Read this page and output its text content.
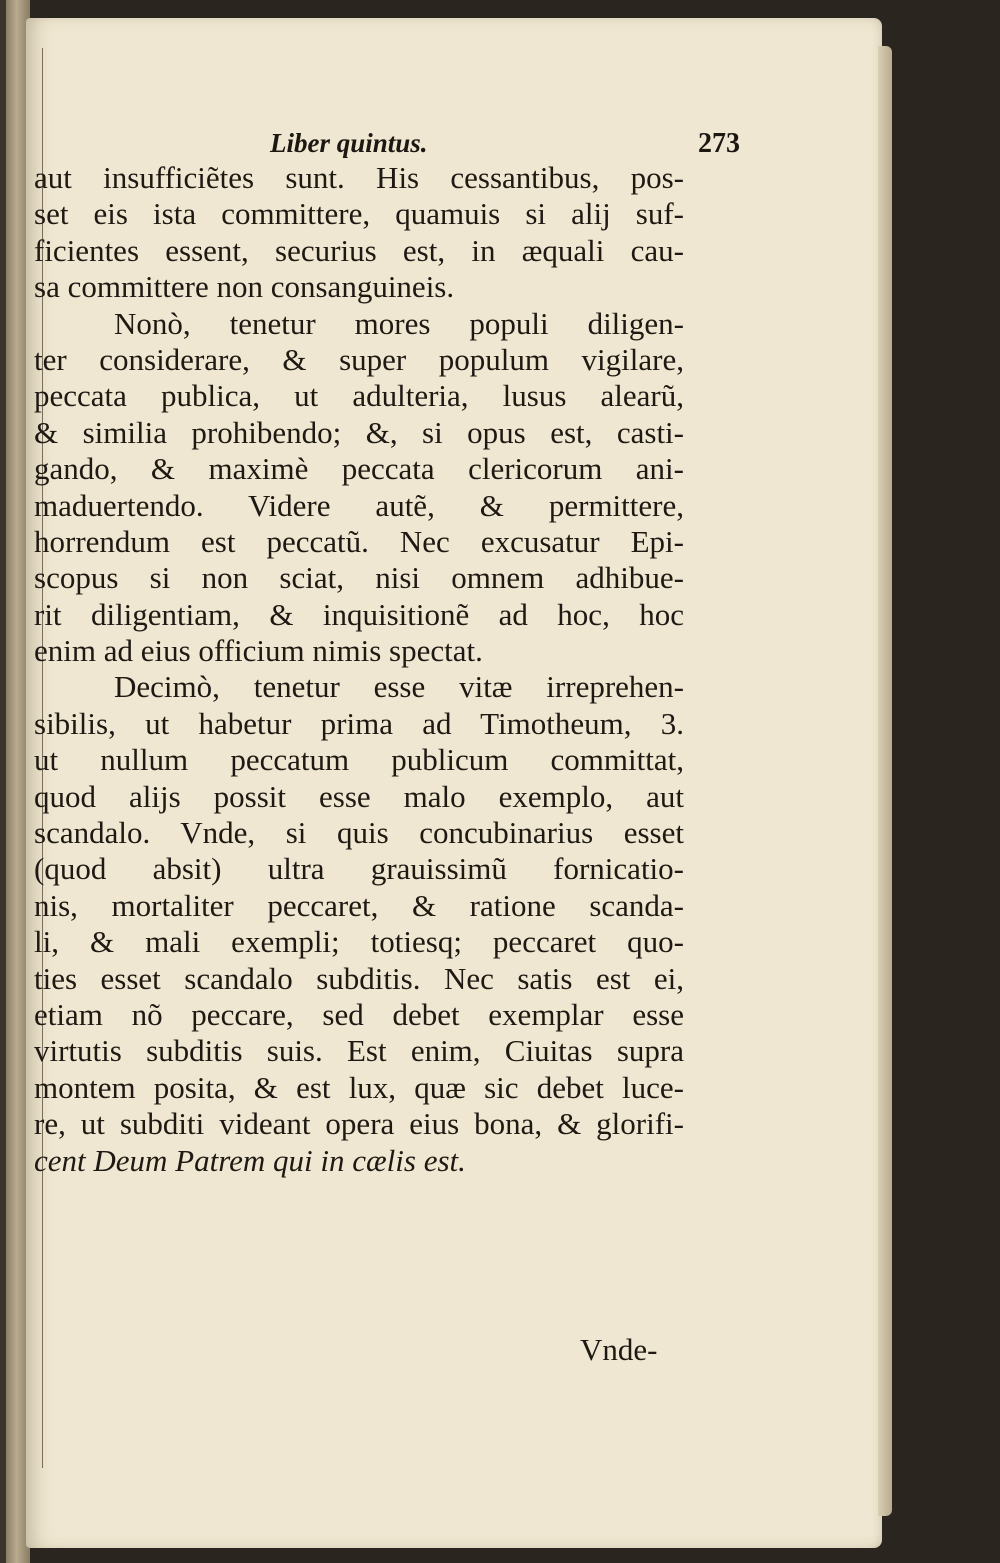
Liber quintus.	273
aut insufficiẽtes sunt. His cessantibus, pos-
set eis ista committere, quamuis si alij suf-
ficientes essent, securius est, in æquali cau-
sa committere non consanguineis.
Nonò, tenetur mores populi diligen-
ter considerare, & super populum vigilare,
peccata publica, ut adulteria, lusus alearũ,
& similia prohibendo; &, si opus est, casti-
gando, & maximè peccata clericorum ani-
maduertendo. Videre autẽ, & permittere,
horrendum est peccatũ. Nec excusatur Epi-
scopus si non sciat, nisi omnem adhibue-
rit diligentiam, & inquisitionẽ ad hoc, hoc
enim ad eius officium nimis spectat.
Decimò, tenetur esse vitæ irreprehen-
sibilis, ut habetur prima ad Timotheum, 3.
ut nullum peccatum publicum committat,
quod alijs possit esse malo exemplo, aut
scandalo. Vnde, si quis concubinarius esset
(quod absit) ultra grauissimũ fornicatio-
nis, mortaliter peccaret, & ratione scanda-
li, & mali exempli; totiesq; peccaret quo-
ties esset scandalo subditis. Nec satis est ei,
etiam nõ peccare, sed debet exemplar esse
virtutis subditis suis. Est enim, Ciuitas supra
montem posita, & est lux, quæ sic debet luce-
re, ut subditi videant opera eius bona, & glorifi-
cent Deum Patrem qui in cælis est.
Vnde-
